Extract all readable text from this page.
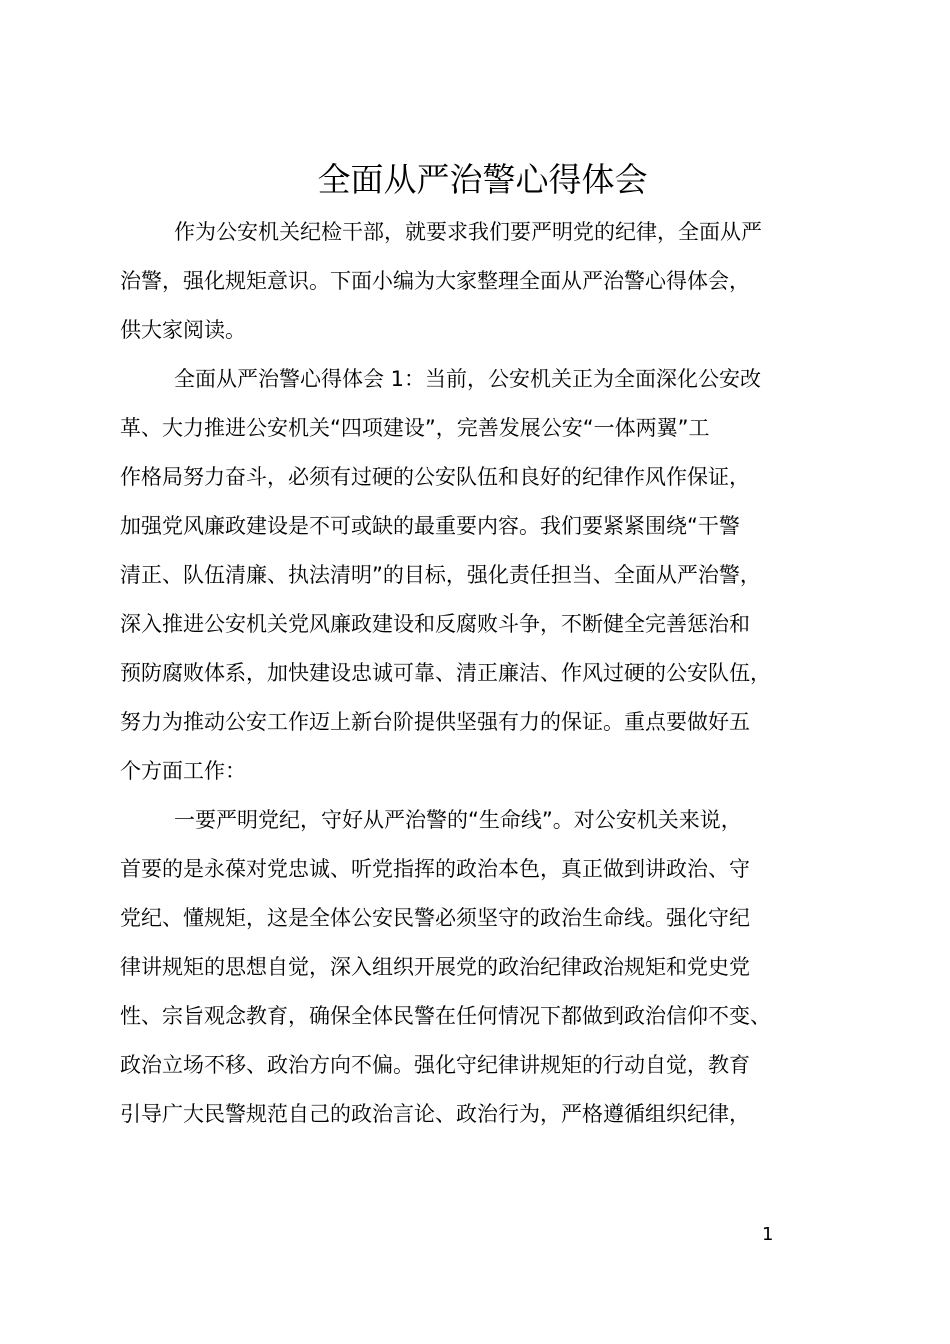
全面从严治警心得体会
作为公安机关纪检干部，就要求我们要严明党的纪律，全面从严
治警，强化规矩意识。下面小编为大家整理全面从严治警心得体会，
供大家阅读。
全面从严治警心得体会 1：当前，公安机关正为全面深化公安改
革、大力推进公安机关“四项建设”，完善发展公安“一体两翼”工
作格局努力奋斗，必须有过硬的公安队伍和良好的纪律作风作保证，
加强党风廉政建设是不可或缺的最重要内容。我们要紧紧围绕“干警
清正、队伍清廉、执法清明”的目标，强化责任担当、全面从严治警，
深入推进公安机关党风廉政建设和反腐败斗争，不断健全完善惩治和
预防腐败体系，加快建设忠诚可靠、清正廉洁、作风过硬的公安队伍，
努力为推动公安工作迈上新台阶提供坚强有力的保证。重点要做好五
个方面工作：
一要严明党纪，守好从严治警的“生命线”。对公安机关来说，
首要的是永葆对党忠诚、听党指挥的政治本色，真正做到讲政治、守
党纪、懂规矩，这是全体公安民警必须坚守的政治生命线。强化守纪
律讲规矩的思想自觉，深入组织开展党的政治纪律政治规矩和党史党
性、宗旨观念教育，确保全体民警在任何情况下都做到政治信仰不变、
政治立场不移、政治方向不偏。强化守纪律讲规矩的行动自觉，教育
引导广大民警规范自己的政治言论、政治行为，严格遵循组织纪律，
1
